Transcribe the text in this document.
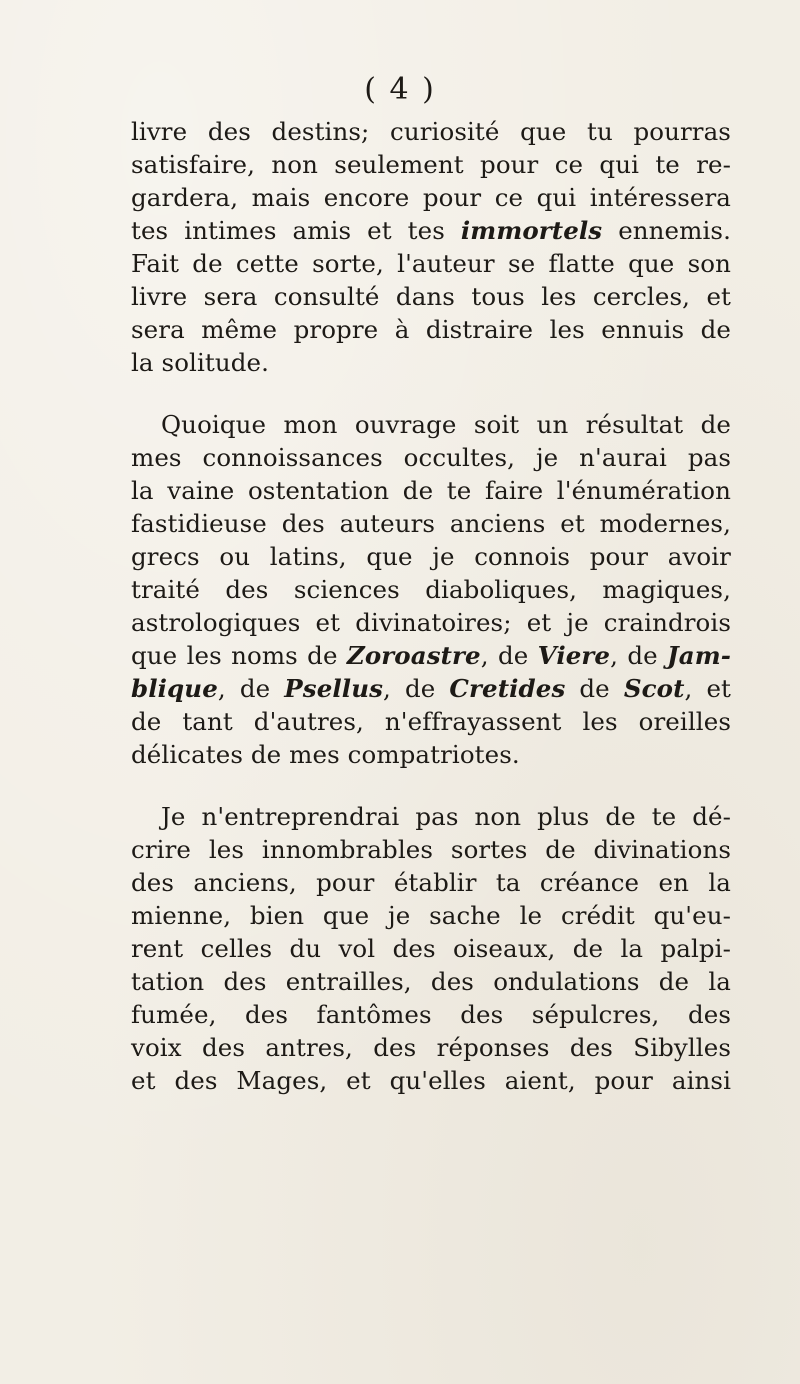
( 4 )
livre des destins; curiosité que tu pourras
satisfaire, non seulement pour ce qui te re-
gardera, mais encore pour ce qui intéressera
tes intimes amis et tes immortels ennemis.
Fait de cette sorte, l'auteur se flatte que son
livre sera consulté dans tous les cercles, et
sera même propre à distraire les ennuis de
la solitude.
Quoique mon ouvrage soit un résultat de
mes connoissances occultes, je n'aurai pas
la vaine ostentation de te faire l'énumération
fastidieuse des auteurs anciens et modernes,
grecs ou latins, que je connois pour avoir
traité des sciences diaboliques, magiques,
astrologiques et divinatoires; et je craindrois
que les noms de Zoroastre, de Viere, de Jam-
blique, de Psellus, de Cretides de Scot, et
de tant d'autres, n'effrayassent les oreilles
délicates de mes compatriotes.
Je n'entreprendrai pas non plus de te dé-
crire les innombrables sortes de divinations
des anciens, pour établir ta créance en la
mienne, bien que je sache le crédit qu'eu-
rent celles du vol des oiseaux, de la palpi-
tation des entrailles, des ondulations de la
fumée, des fantômes des sépulcres, des
voix des antres, des réponses des Sibylles
et des Mages, et qu'elles aient, pour ainsi
